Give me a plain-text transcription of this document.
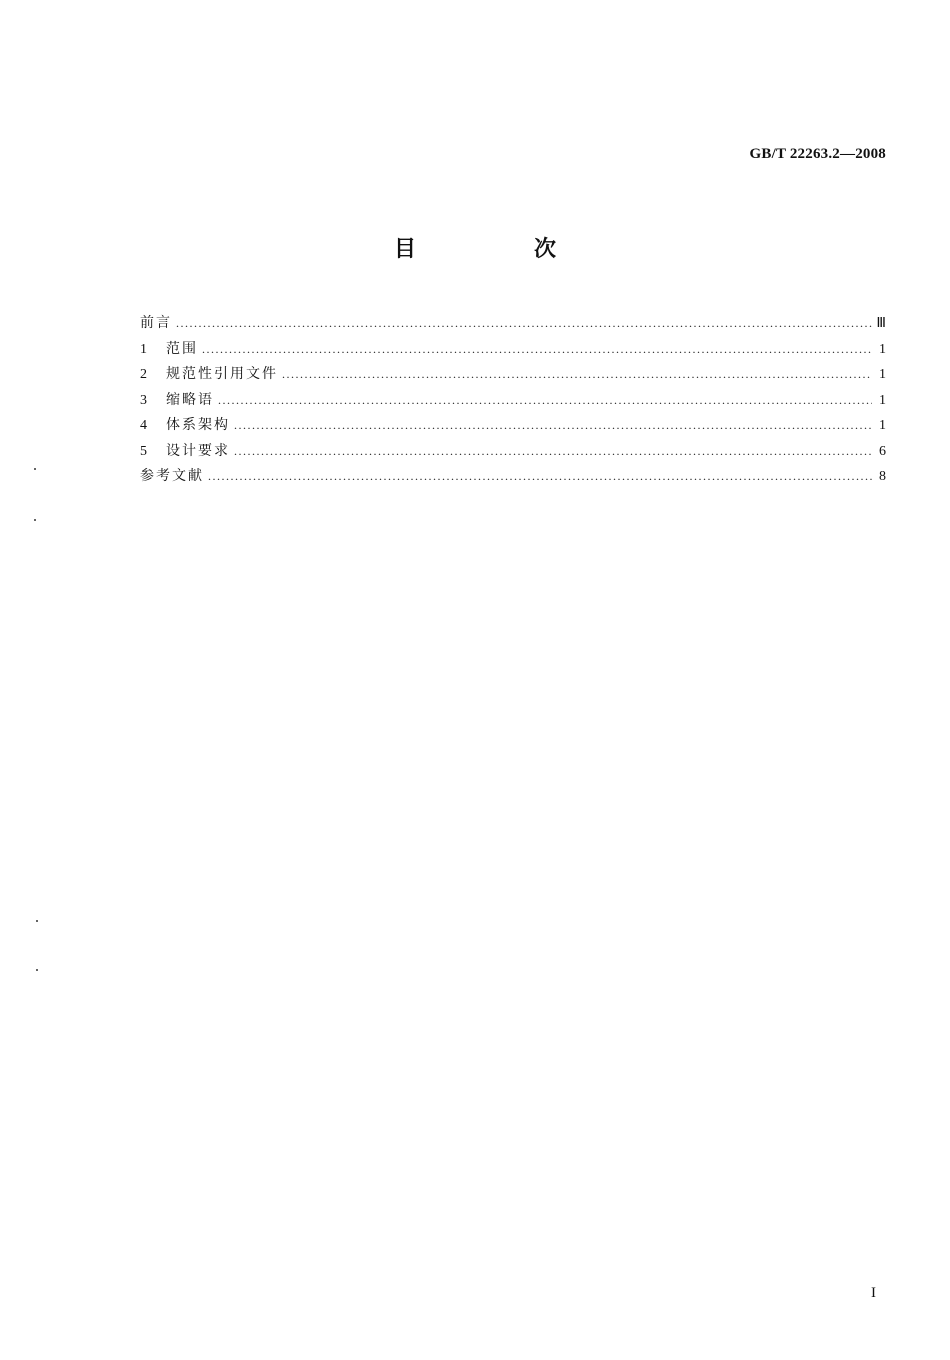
GB/T 22263.2—2008
目　次
前言 .....	Ⅲ
1	范围 .....	1
2	规范性引用文件 .....	1
3	缩略语 .....	1
4	体系架构 .....	1
5	设计要求 .....	6
参考文献 .....	8
I
